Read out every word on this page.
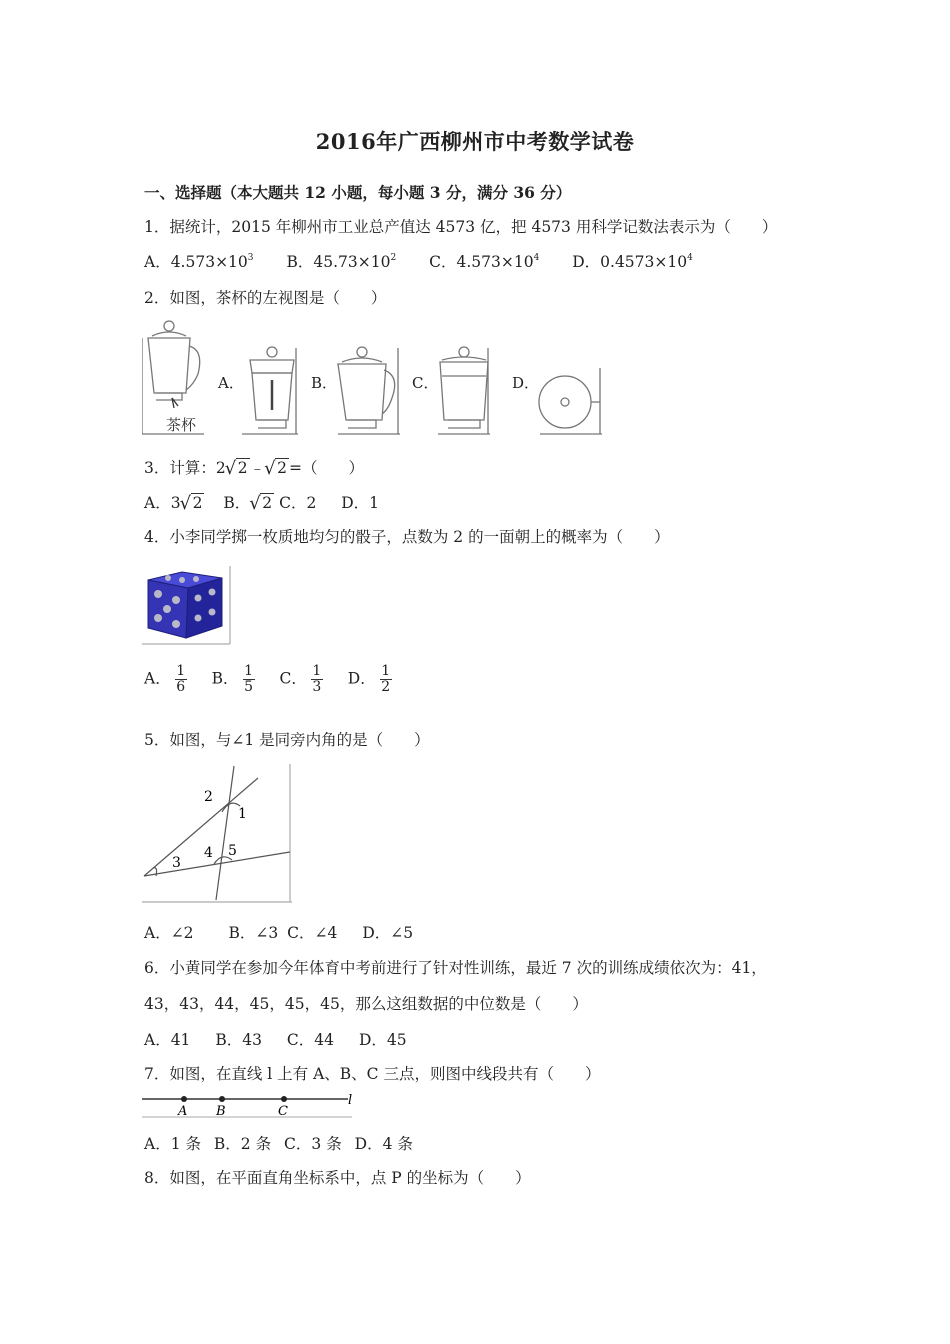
2016年广西柳州市中考数学试卷
一、选择题（本大题共 12 小题，每小题 3 分，满分 36 分）
1．据统计，2015 年柳州市工业总产值达 4573 亿，把 4573 用科学记数法表示为（　　）
A．$4.573\times 10^3$ B．$45.73\times 10^2$ C．$4.573\times 10^4$ D．$0.4573\times 10^4$
2．如图，茶杯的左视图是（　　）
茶杯
A．	B．	C．	D．
3．计算：2 √ 2 ﹣ √ 2 =（　　）
A．3 √ 2 B． √ 2 C．2 D．1
4．小李同学掷一枚质地均匀的骰子，点数为 2 的一面朝上的概率为（　　）
A． $\frac{1}{6}$ B． $\frac{1}{5}$ C． $\frac{1}{3}$ D． $\frac{1}{2}$
5．如图，与∠1 是同旁内角的是（　　）
2
1
3
4 5
A．∠2 B．∠3 C．∠4 D．∠5
6．小黄同学在参加今年体育中考前进行了针对性训练，最近 7 次的训练成绩依次为：41，
43，43，44，45，45，45，那么这组数据的中位数是（　　）
A．41 B．43 C．44 D．45
7．如图，在直线 l 上有 A、B、C 三点，则图中线段共有（　　）
A B	C
l
A．1 条 B．2 条 C．3 条 D．4 条
8．如图，在平面直角坐标系中，点 P 的坐标为（　　）
